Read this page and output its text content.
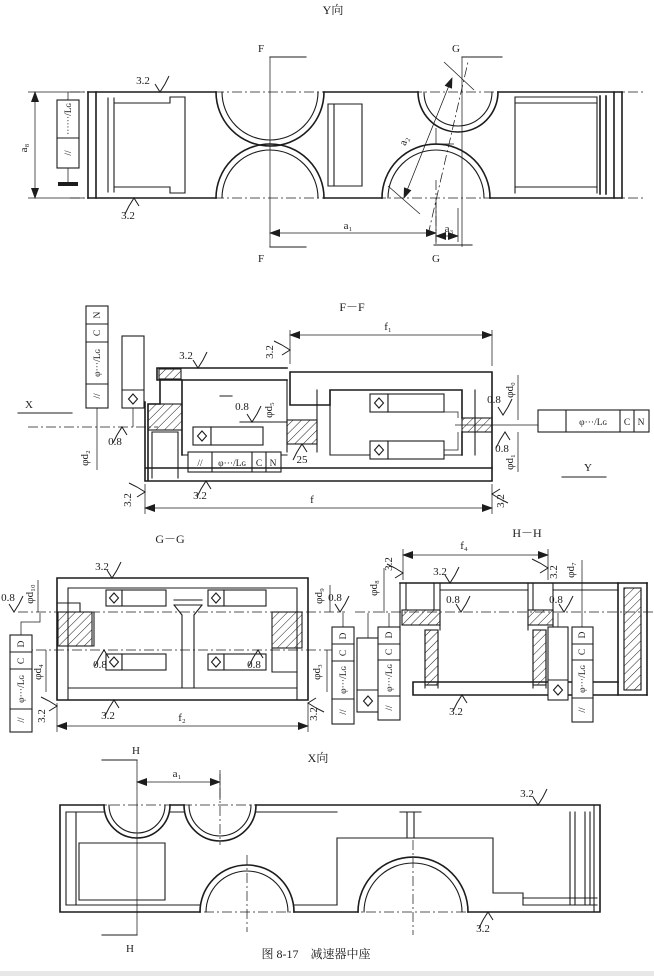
Y向
F
F
G
G
a₈
······/Lɢ
//
3.2
3.2
a₁	a₃
a₂
F－F
// φ···/Lɢ C N
φ···/Lɢ C N
N
C
φ···/Lɢ
//
φd₂
X
Y
f₁
f
φd₀
φd₁
φd₅
3.2	3.2
0.8
0.8
25
0.8
0.8
3.2	3.2	3.2
G－G
φd₁₀
0.8
φd₄
D
C
φ···/Lɢ
//
0.8	0.8
3.2
3.2
3.2	f₂
φd₉ 0.8
φd₃
3.2
D
C
φ···/Lɢ
//
φd₈
3.2
D
C
φ···/Lɢ
//
H－H
f₄
3.2
0.8	0.8
3.2
3.2
φd₇
D
C
φ···/Lɢ
//
X向
H
H
a₁
3.2
3.2
图 8-17　减速器中座
